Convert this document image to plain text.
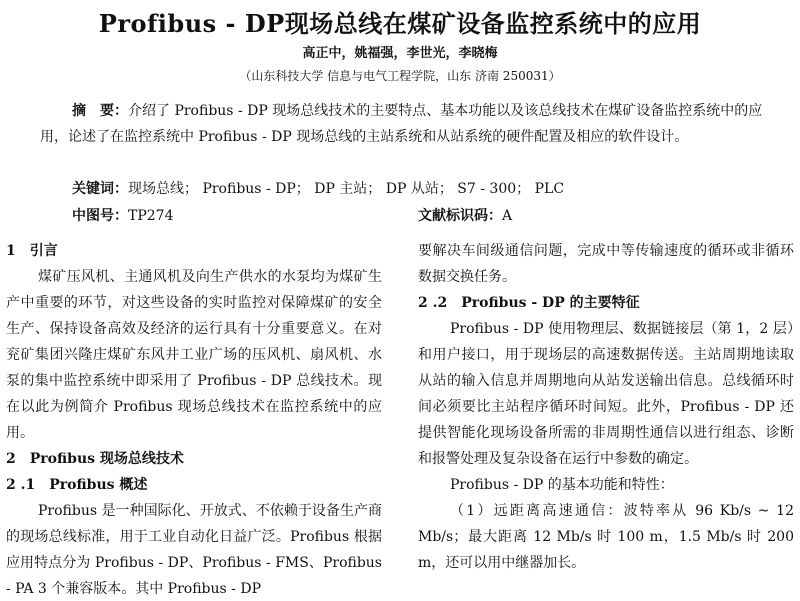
Profibus - DP现场总线在煤矿设备监控系统中的应用
高正中，姚福强，李世光，李晓梅
（山东科技大学 信息与电气工程学院，山东 济南 250031）
摘　要：介绍了 Profibus - DP 现场总线技术的主要特点、基本功能以及该总线技术在煤矿设备监控系统中的应用，论述了在监控系统中 Profibus - DP 现场总线的主站系统和从站系统的硬件配置及相应的软件设计。
关键词：现场总线； Profibus - DP； DP 主站； DP 从站； S7 - 300； PLC
中图号：TP274	文献标识码：A

1　引言

煤矿压风机、主通风机及向生产供水的水泵均为煤矿生产中重要的环节，对这些设备的实时监控对保障煤矿的安全生产、保持设备高效及经济的运行具有十分重要意义。在对兖矿集团兴隆庄煤矿东风井工业广场的压风机、扇风机、水泵的集中监控系统中即采用了 Profibus - DP 总线技术。现在以此为例简介 Profibus 现场总线技术在监控系统中的应用。

2　Profibus 现场总线技术

2 .1　Profibus 概述

Profibus 是一种国际化、开放式、不依赖于设备生产商的现场总线标准，用于工业自动化日益广泛。Profibus 根据应用特点分为 Profibus - DP、Profibus - FMS、Profibus - PA 3 个兼容版本。其中 Profibus - DP

要解决车间级通信问题，完成中等传输速度的循环或非循环数据交换任务。

2 .2　Profibus - DP 的主要特征

Profibus - DP 使用物理层、数据链接层（第 1，2 层）和用户接口，用于现场层的高速数据传送。主站周期地读取从站的输入信息并周期地向从站发送输出信息。总线循环时间必须要比主站程序循环时间短。此外，Profibus - DP 还提供智能化现场设备所需的非周期性通信以进行组态、诊断和报警处理及复杂设备在运行中参数的确定。

Profibus - DP 的基本功能和特性：

（1）远距离高速通信：波特率从 96 Kb/s ~ 12 Mb/s；最大距离 12 Mb/s 时 100 m，1.5 Mb/s 时 200 m，还可以用中继器加长。
